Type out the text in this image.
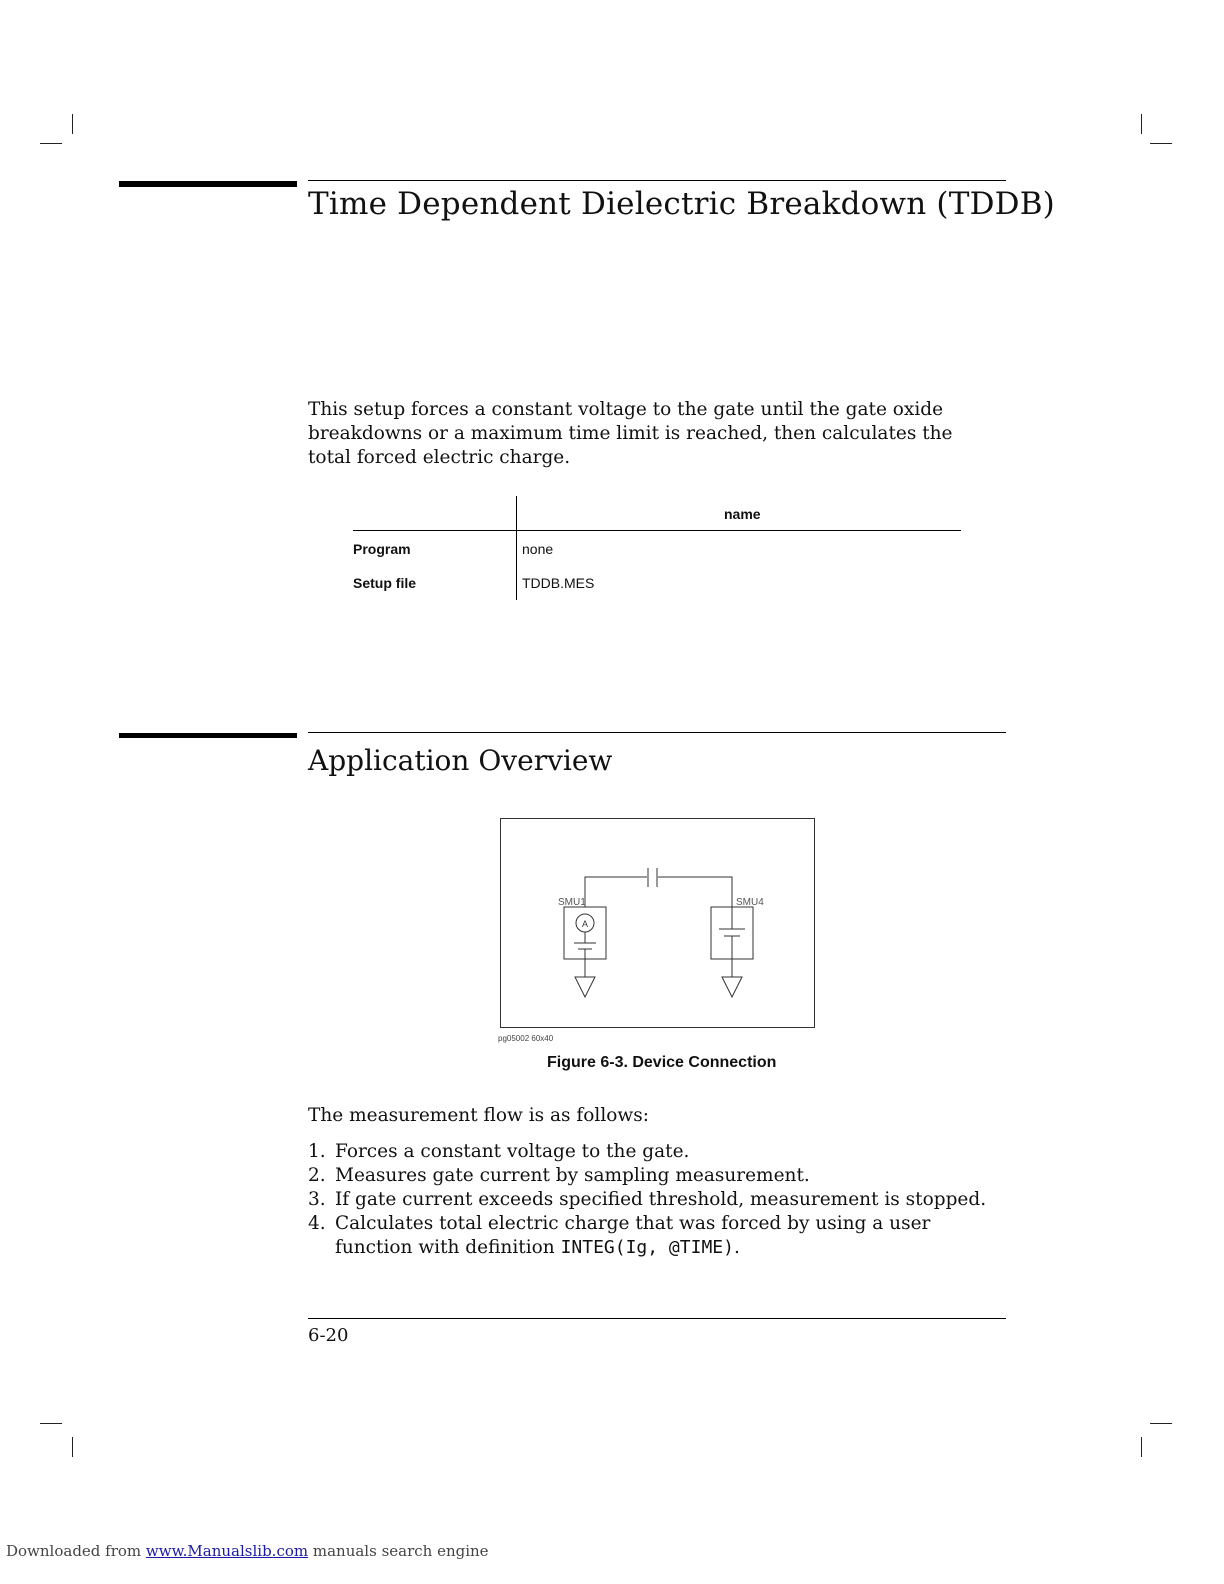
Time Dependent Dielectric Breakdown (TDDB)

This setup forces a constant voltage to the gate until the gate oxide breakdowns or a maximum time limit is reached, then calculates the total forced electric charge.

name
Program	none
Setup file	TDDB.MES
Application Overview
SMU1	SMU4
A
pg05002 60x40
Figure 6-3. Device Connection
The measurement flow is as follows:
1. Forces a constant voltage to the gate.
2. Measures gate current by sampling measurement.
3. If gate current exceeds specified threshold, measurement is stopped.
4. Calculates total electric charge that was forced by using a user function with definition INTEG(Ig, @TIME).
6-20
Downloaded from www.Manualslib.com manuals search engine
